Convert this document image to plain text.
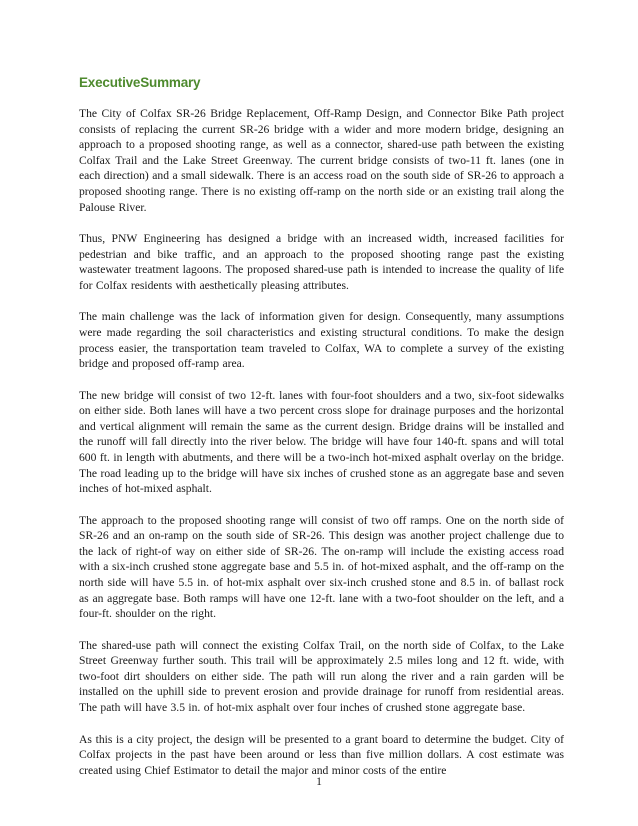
ExecutiveSummary

The City of Colfax SR-26 Bridge Replacement, Off-Ramp Design, and Connector Bike Path project consists of replacing the current SR-26 bridge with a wider and more modern bridge, designing an approach to a proposed shooting range, as well as a connector, shared-use path between the existing Colfax Trail and the Lake Street Greenway. The current bridge consists of two-11 ft. lanes (one in each direction) and a small sidewalk. There is an access road on the south side of SR-26 to approach a proposed shooting range. There is no existing off-ramp on the north side or an existing trail along the Palouse River.

Thus, PNW Engineering has designed a bridge with an increased width, increased facilities for pedestrian and bike traffic, and an approach to the proposed shooting range past the existing wastewater treatment lagoons. The proposed shared-use path is intended to increase the quality of life for Colfax residents with aesthetically pleasing attributes.

The main challenge was the lack of information given for design. Consequently, many assumptions were made regarding the soil characteristics and existing structural conditions. To make the design process easier, the transportation team traveled to Colfax, WA to complete a survey of the existing bridge and proposed off-ramp area.

The new bridge will consist of two 12-ft. lanes with four-foot shoulders and a two, six-foot sidewalks on either side. Both lanes will have a two percent cross slope for drainage purposes and the horizontal and vertical alignment will remain the same as the current design. Bridge drains will be installed and the runoff will fall directly into the river below. The bridge will have four 140-ft. spans and will total 600 ft. in length with abutments, and there will be a two-inch hot-mixed asphalt overlay on the bridge. The road leading up to the bridge will have six inches of crushed stone as an aggregate base and seven inches of hot-mixed asphalt.

The approach to the proposed shooting range will consist of two off ramps. One on the north side of SR-26 and an on-ramp on the south side of SR-26. This design was another project challenge due to the lack of right-of way on either side of SR-26. The on-ramp will include the existing access road with a six-inch crushed stone aggregate base and 5.5 in. of hot-mixed asphalt, and the off-ramp on the north side will have 5.5 in. of hot-mix asphalt over six-inch crushed stone and 8.5 in. of ballast rock as an aggregate base. Both ramps will have one 12-ft. lane with a two-foot shoulder on the left, and a four-ft. shoulder on the right.

The shared-use path will connect the existing Colfax Trail, on the north side of Colfax, to the Lake Street Greenway further south. This trail will be approximately 2.5 miles long and 12 ft. wide, with two-foot dirt shoulders on either side. The path will run along the river and a rain garden will be installed on the uphill side to prevent erosion and provide drainage for runoff from residential areas. The path will have 3.5 in. of hot-mix asphalt over four inches of crushed stone aggregate base.

As this is a city project, the design will be presented to a grant board to determine the budget. City of Colfax projects in the past have been around or less than five million dollars. A cost estimate was created using Chief Estimator to detail the major and minor costs of the entire

1
